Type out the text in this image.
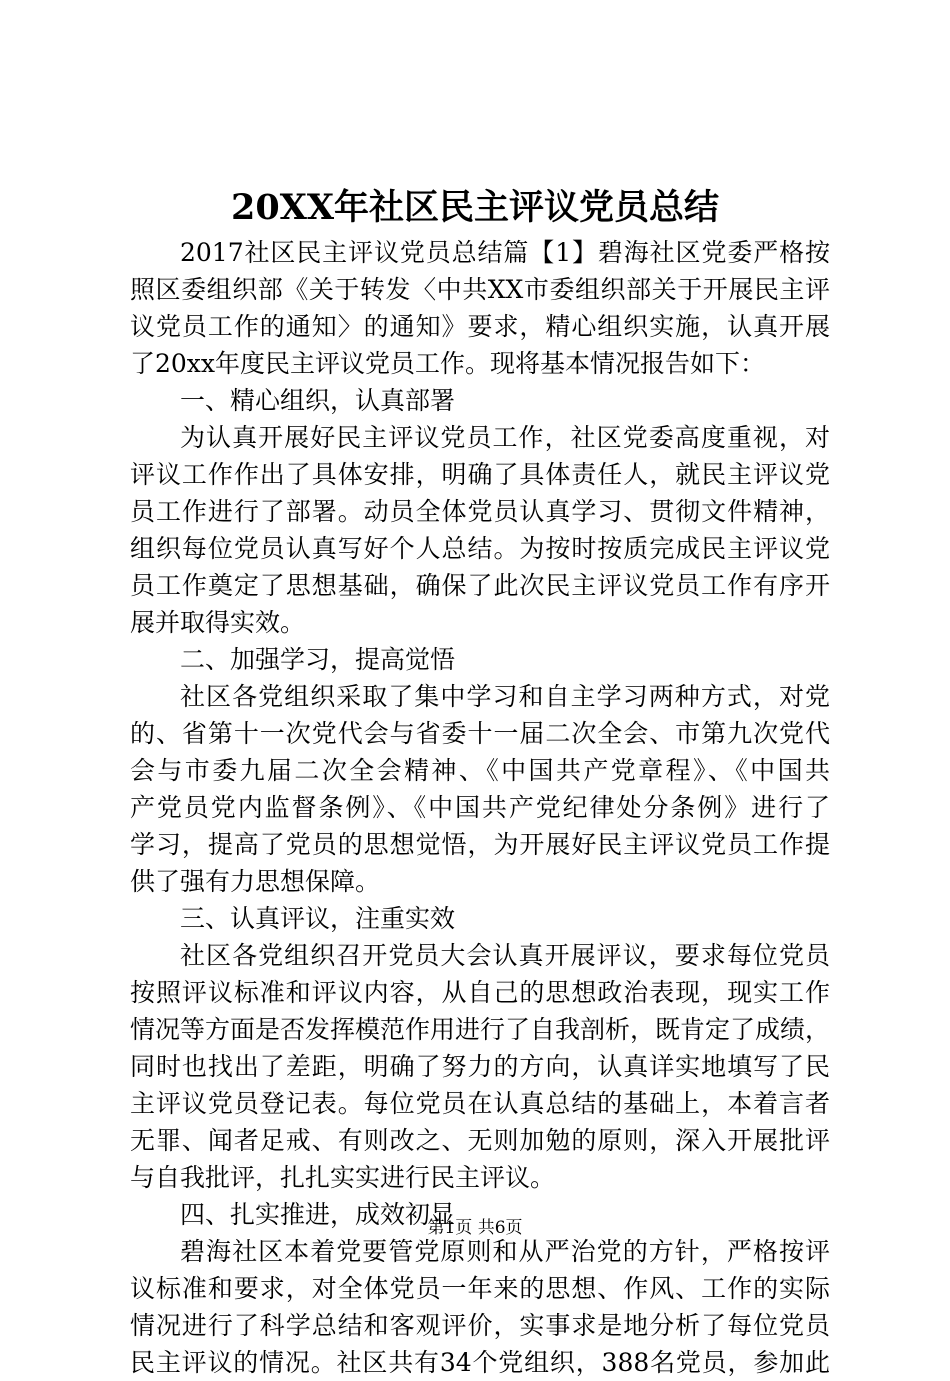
20XX年社区民主评议党员总结
2017社区民主评议党员总结篇【1】碧海社区党委严格按
照区委组织部《关于转发〈中共XX市委组织部关于开展民主评
议党员工作的通知〉的通知》要求，精心组织实施，认真开展
了20xx年度民主评议党员工作。现将基本情况报告如下：
一、精心组织，认真部署
为认真开展好民主评议党员工作，社区党委高度重视，对
评议工作作出了具体安排，明确了具体责任人，就民主评议党
员工作进行了部署。动员全体党员认真学习、贯彻文件精神，
组织每位党员认真写好个人总结。为按时按质完成民主评议党
员工作奠定了思想基础，确保了此次民主评议党员工作有序开
展并取得实效。
二、加强学习，提高觉悟
社区各党组织采取了集中学习和自主学习两种方式，对党
的、省第十一次党代会与省委十一届二次全会、市第九次党代
会与市委九届二次全会精神、《中国共产党章程》、《中国共
产党员党内监督条例》、《中国共产党纪律处分条例》进行了
学习，提高了党员的思想觉悟，为开展好民主评议党员工作提
供了强有力思想保障。
三、认真评议，注重实效
社区各党组织召开党员大会认真开展评议，要求每位党员
按照评议标准和评议内容，从自己的思想政治表现，现实工作
情况等方面是否发挥模范作用进行了自我剖析，既肯定了成绩，
同时也找出了差距，明确了努力的方向，认真详实地填写了民
主评议党员登记表。每位党员在认真总结的基础上，本着言者
无罪、闻者足戒、有则改之、无则加勉的原则，深入开展批评
与自我批评，扎扎实实进行民主评议。
四、扎实推进，成效初显
碧海社区本着党要管党原则和从严治党的方针，严格按评
议标准和要求，对全体党员一年来的思想、作风、工作的实际
情况进行了科学总结和客观评价，实事求是地分析了每位党员
民主评议的情况。社区共有34个党组织，388名党员，参加此
第1页 共6页
